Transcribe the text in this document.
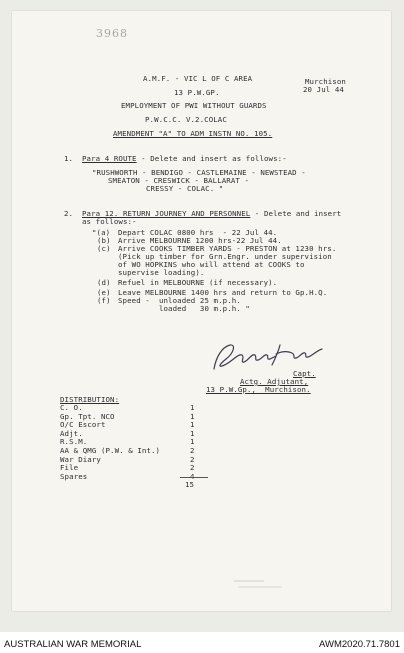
3968
A.M.F. - VIC L OF C AREA
13 P.W.GP.
EMPLOYMENT OF PWI WITHOUT GUARDS
P.W.C.C. V.2.COLAC
AMENDMENT "A" TO ADM INSTN NO. 105.
Murchison
20 Jul 44
1. Para 4 ROUTE - Delete and insert as follows:-
"RUSHWORTH - BENDIGO - CASTLEMAINE - NEWSTEAD -
SMEATON - CRESWICK - BALLARAT -
CRESSY - COLAC. "
2. Para 12. RETURN JOURNEY AND PERSONNEL - Delete and insert
as follows:-
"(a) Depart COLAC 0800 hrs  - 22 Jul 44.
(b) Arrive MELBOURNE 1200 hrs-22 Jul 44.
(c) Arrive COOKS TIMBER YARDS - PRESTON at 1230 hrs.
(Pick up timber for Grn.Engr. under supervision
of WO HOPKINS who will attend at COOKS to
supervise loading).
(d) Refuel in MELBOURNE (if necessary).
(e) Leave MELBOURNE 1400 hrs and return to Gp.H.Q.
(f) Speed -  unloaded 25 m.p.h.
loaded   30 m.p.h. "
Capt.
Actg. Adjutant,
13 P.W.Gp.,  Murchison.
DISTRIBUTION:
C. O.	1
Gp. Tpt. NCO	1
O/C Escort	1
Adjt.	1
R.S.M.	1
AA & QMG (P.W. & Int.)	2
War Diary	2
File	2
Spares	4
15
AUSTRALIAN WAR MEMORIAL	AWM2020.71.7801
